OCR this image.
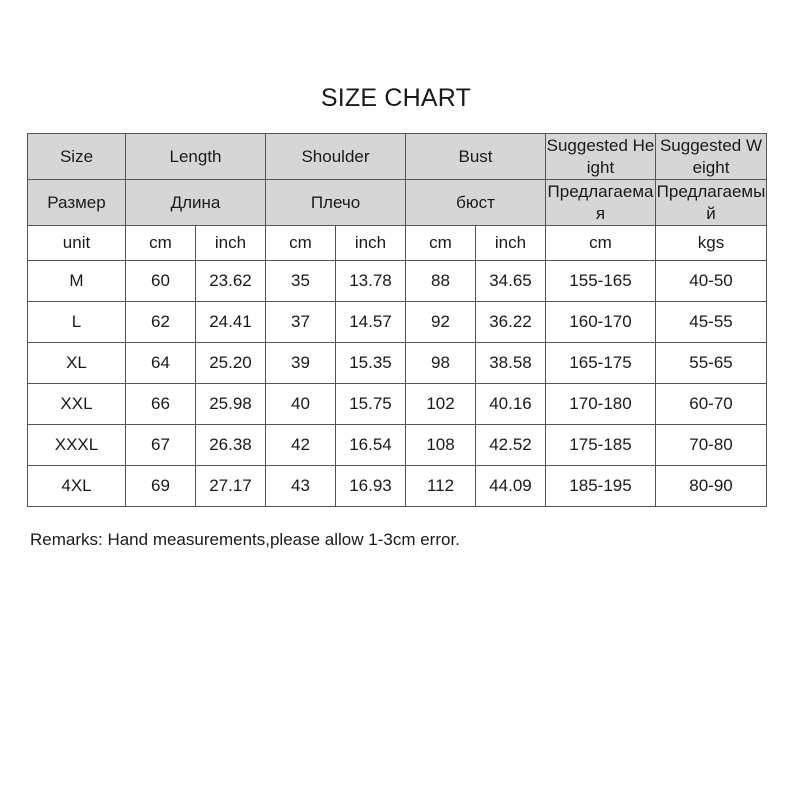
SIZE CHART
Size	Length		Shoulder		Bust		Suggested Height	Suggested Weight
Размер	Длина		Плечо		бюст		Предлагаемая	Предлагаемый
unit	cm	inch	cm	inch	cm	inch	cm	kgs
M	60	23.62	35	13.78	88	34.65	155-165	40-50
L	62	24.41	37	14.57	92	36.22	160-170	45-55
XL	64	25.20	39	15.35	98	38.58	165-175	55-65
XXL	66	25.98	40	15.75	102	40.16	170-180	60-70
XXXL	67	26.38	42	16.54	108	42.52	175-185	70-80
4XL	69	27.17	43	16.93	112	44.09	185-195	80-90
Remarks: Hand measurements,please allow 1-3cm error.
